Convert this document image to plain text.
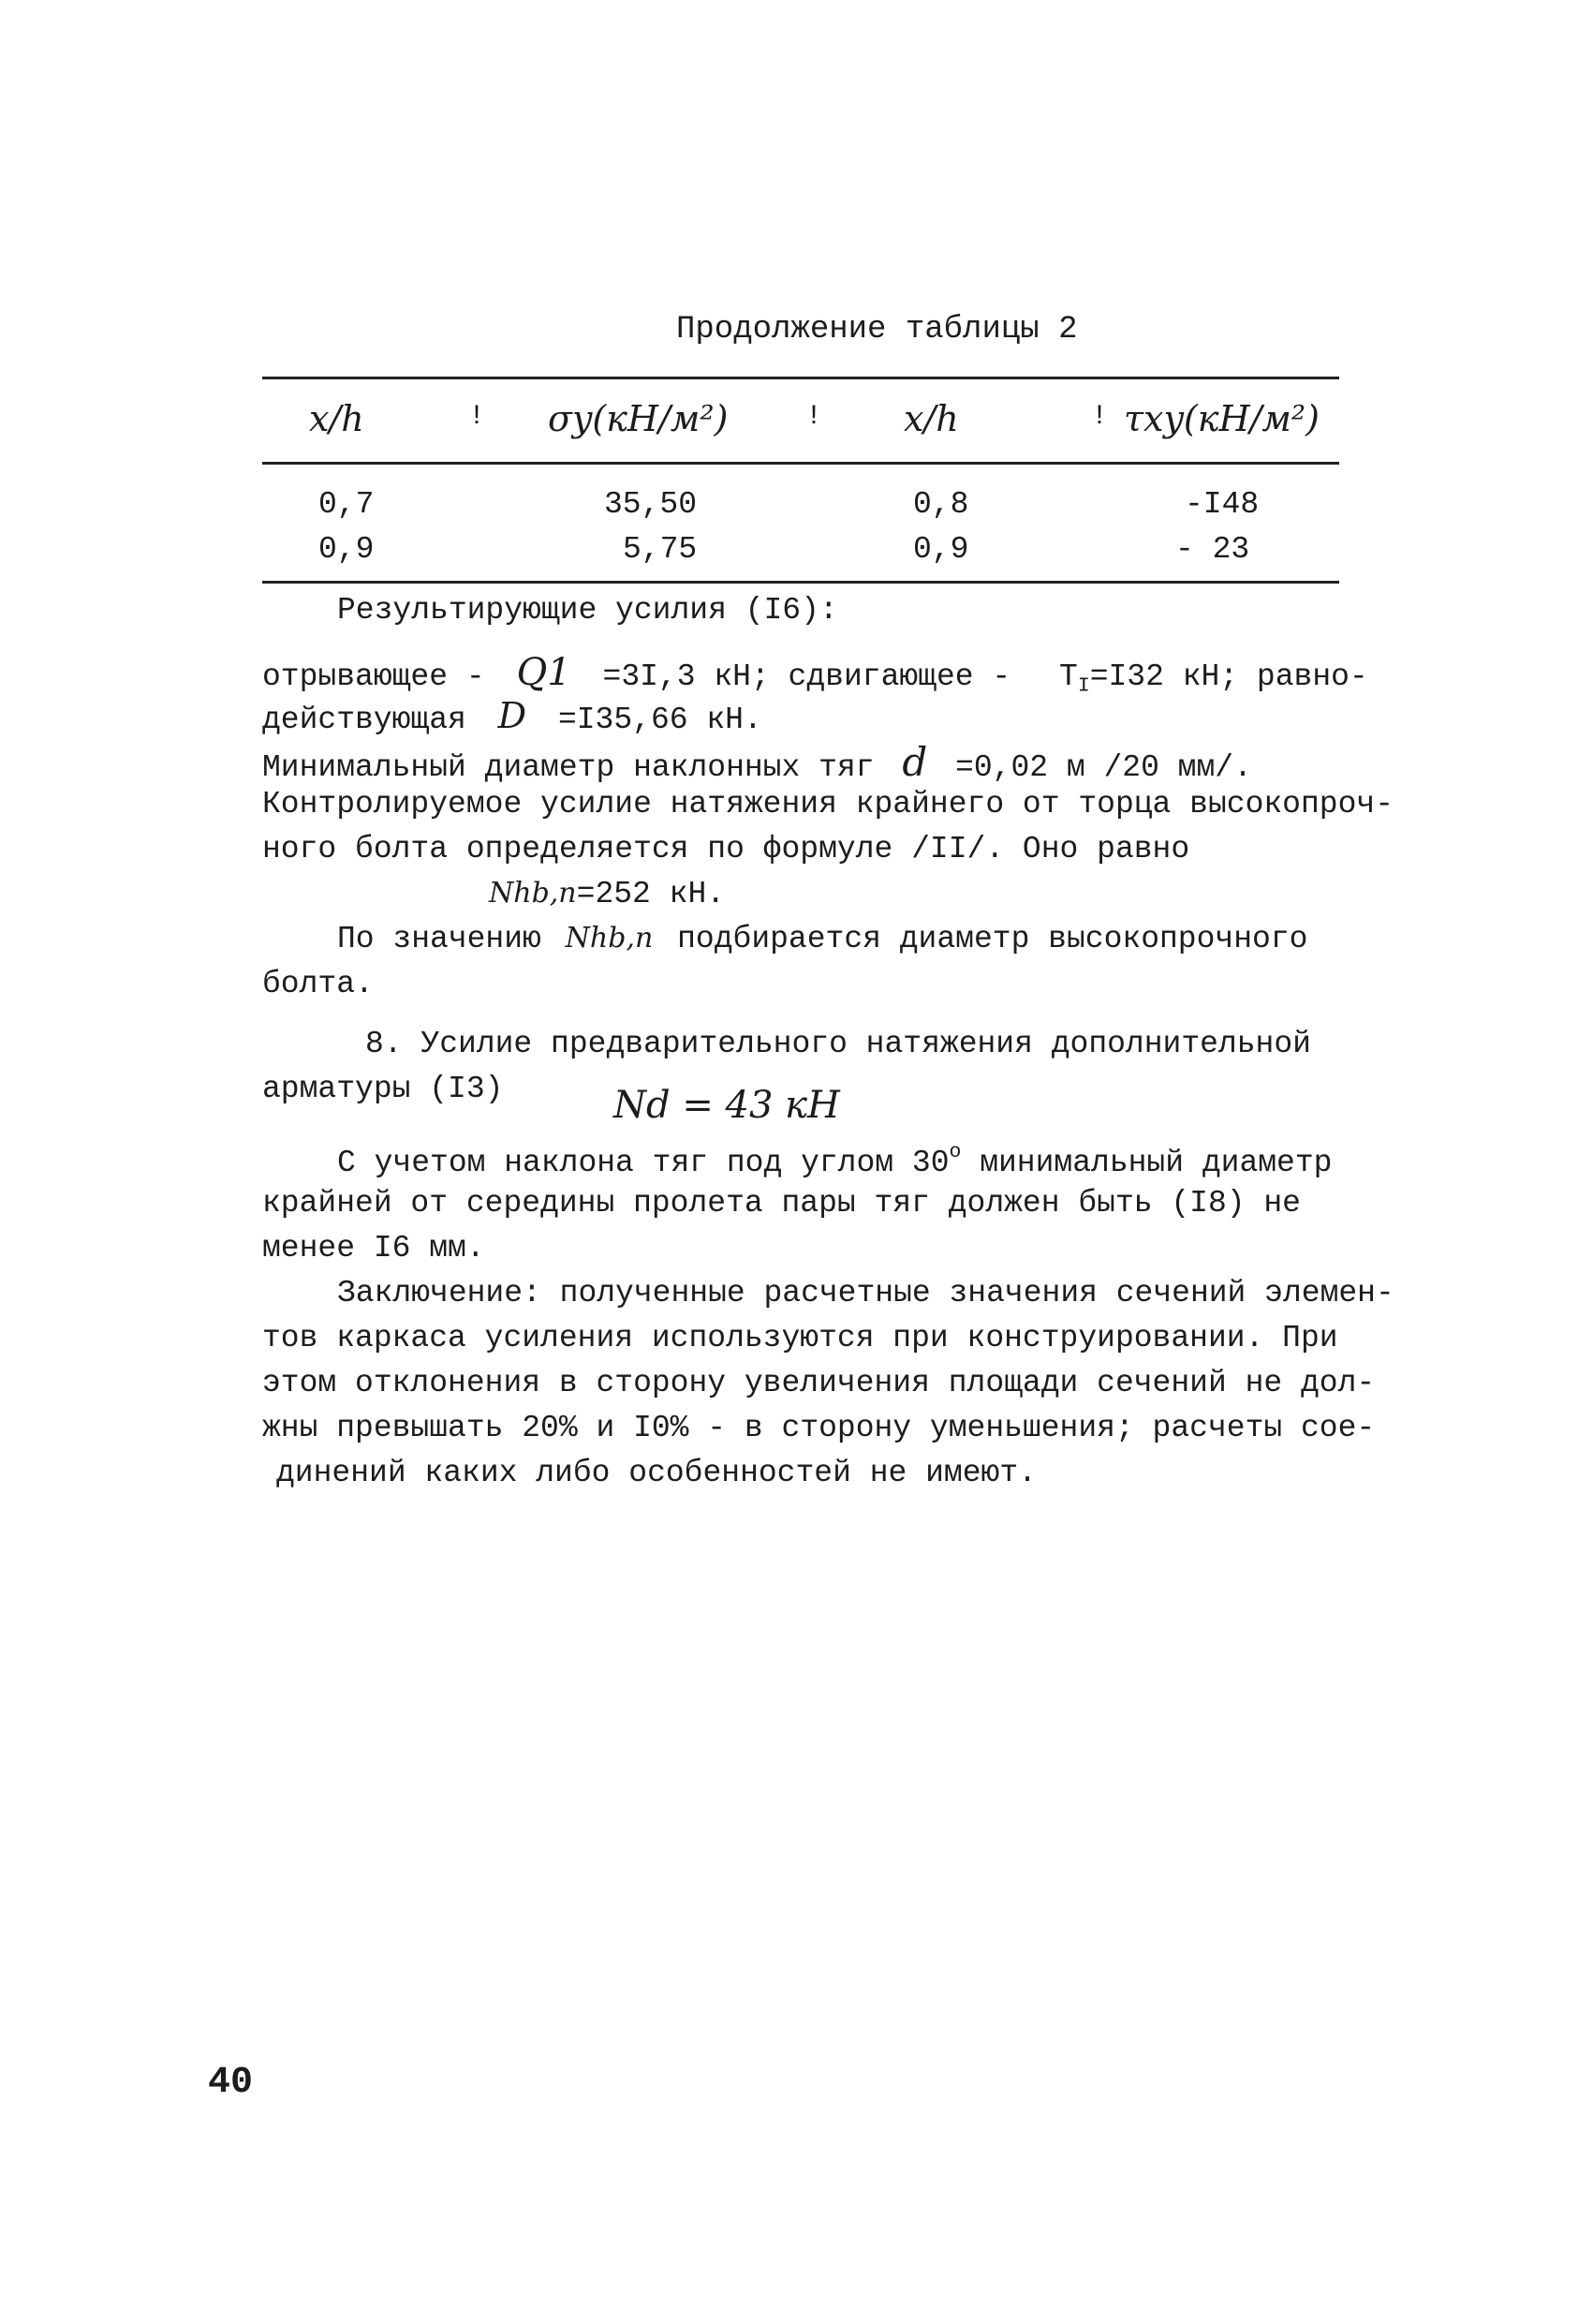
Продолжение таблицы 2
x/h	! σy(кН/м²)	! x/h	! τxy(кН/м²)
0,7	35,50	0,8	-I48
0,9	5,75	0,9	- 23
Результирующие усилия (I6):
отрывающее - Q1 =3I,3 кН; сдвигающее - $T_I=I32$ кН; равно-
действующая D =I35,66 кН.
Минимальный диаметр наклонных тяг d =0,02 м /20 мм/.
Контролируемое усилие натяжения крайнего от торца высокопроч-
ного болта определяется по формуле /II/. Оно равно
Nhb,n=252 кН.
По значению Nhb,n подбирается диаметр высокопрочного
болта.
8. Усилие предварительного натяжения дополнительной
арматуры (I3)	Nd = 43 кН
С учетом наклона тяг под углом $30^о$ минимальный диаметр
крайней от середины пролета пары тяг должен быть (I8) не
менее I6 мм.
Заключение: полученные расчетные значения сечений элемен-
тов каркаса усиления используются при конструировании. При
этом отклонения в сторону увеличения площади сечений не дол-
жны превышать 20% и I0% - в сторону уменьшения; расчеты сое-
динений каких либо особенностей не имеют.
40
